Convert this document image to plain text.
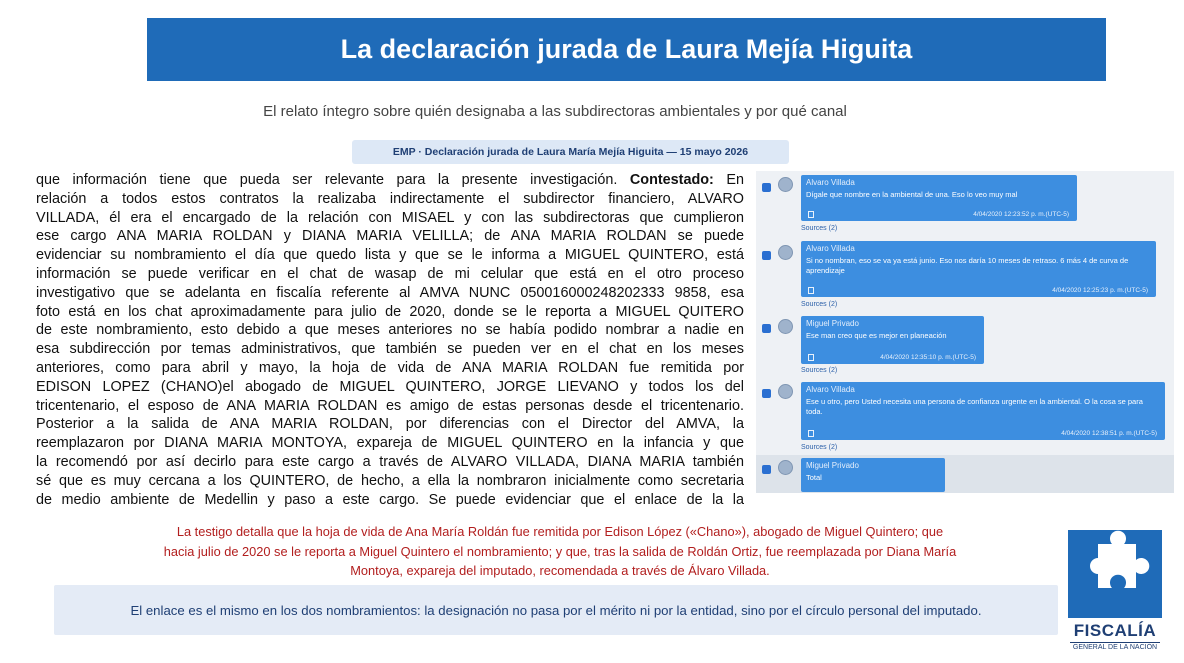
La declaración jurada de Laura Mejía Higuita
El relato íntegro sobre quién designaba a las subdirectoras ambientales y por qué canal
EMP · Declaración jurada de Laura María Mejía Higuita — 15 mayo 2026
que información tiene que pueda ser relevante para la presente investigación. Contestado: En
relación a todos estos contratos la realizaba indirectamente el subdirector financiero, ALVARO
VILLADA, él era el encargado de la relación con MISAEL y con las subdirectoras que cumplieron
ese cargo ANA MARIA ROLDAN y DIANA MARIA VELILLA; de ANA MARIA ROLDAN se puede
evidenciar su nombramiento el día que quedo lista y que se le informa a MIGUEL QUINTERO, está
información se puede verificar en el chat de wasap de mi celular que está en el otro proceso
investigativo que se adelanta en fiscalía referente al AMVA NUNC 050016000248202333 9858, esa
foto está en los chat aproximadamente para julio de 2020, donde se le reporta a MIGUEL QUITERO
de este nombramiento, esto debido a que meses anteriores no se había podido nombrar a nadie en
esa subdirección por temas administrativos, que también se pueden ver en el chat en los meses
anteriores, como para abril y mayo, la hoja de vida de ANA MARIA ROLDAN fue remitida por
EDISON LOPEZ (CHANO)el abogado de MIGUEL QUINTERO, JORGE LIEVANO y todos los del
tricentenario, el esposo de ANA MARIA ROLDAN es amigo de estas personas desde el tricentenario.
Posterior a la salida de ANA MARIA ROLDAN, por diferencias con el Director del AMVA, la
reemplazaron por DIANA MARIA MONTOYA, expareja de MIGUEL QUINTERO en la infancia y que
la recomendó por así decirlo para este cargo a través de ALVARO VILLADA, DIANA MARIA también
sé que es muy cercana a los QUINTERO, de hecho, a ella la nombraron inicialmente como secretaria
de medio ambiente de Medellin y paso a este cargo. Se puede evidenciar que el enlace de la la
Alvaro Villada
Dígale que nombre en la ambiental de una. Eso lo veo muy mal
4/04/2020 12:23:52 p. m.(UTC-5)
Sources (2)
Alvaro Villada
Si no nombran, eso se va ya está junio. Eso nos daría 10 meses de retraso. 6 más 4 de curva de aprendizaje
4/04/2020 12:25:23 p. m.(UTC-5)
Sources (2)
Miguel Privado
Ese man creo que es mejor en planeación
4/04/2020 12:35:10 p. m.(UTC-5)
Sources (2)
Alvaro Villada
Ese u otro, pero Usted necesita una persona de confianza urgente en la ambiental. O la cosa se para toda.
4/04/2020 12:38:51 p. m.(UTC-5)
Sources (2)
Miguel Privado
Total
La testigo detalla que la hoja de vida de Ana María Roldán fue remitida por Edison López («Chano»), abogado de Miguel Quintero; que hacia julio de 2020 se le reporta a Miguel Quintero el nombramiento; y que, tras la salida de Roldán Ortiz, fue reemplazada por Diana María Montoya, expareja del imputado, recomendada a través de Álvaro Villada.
El enlace es el mismo en los dos nombramientos: la designación no pasa por el mérito ni por la entidad, sino por el círculo personal del imputado.
FISCALÍA
GENERAL DE LA NACIÓN
